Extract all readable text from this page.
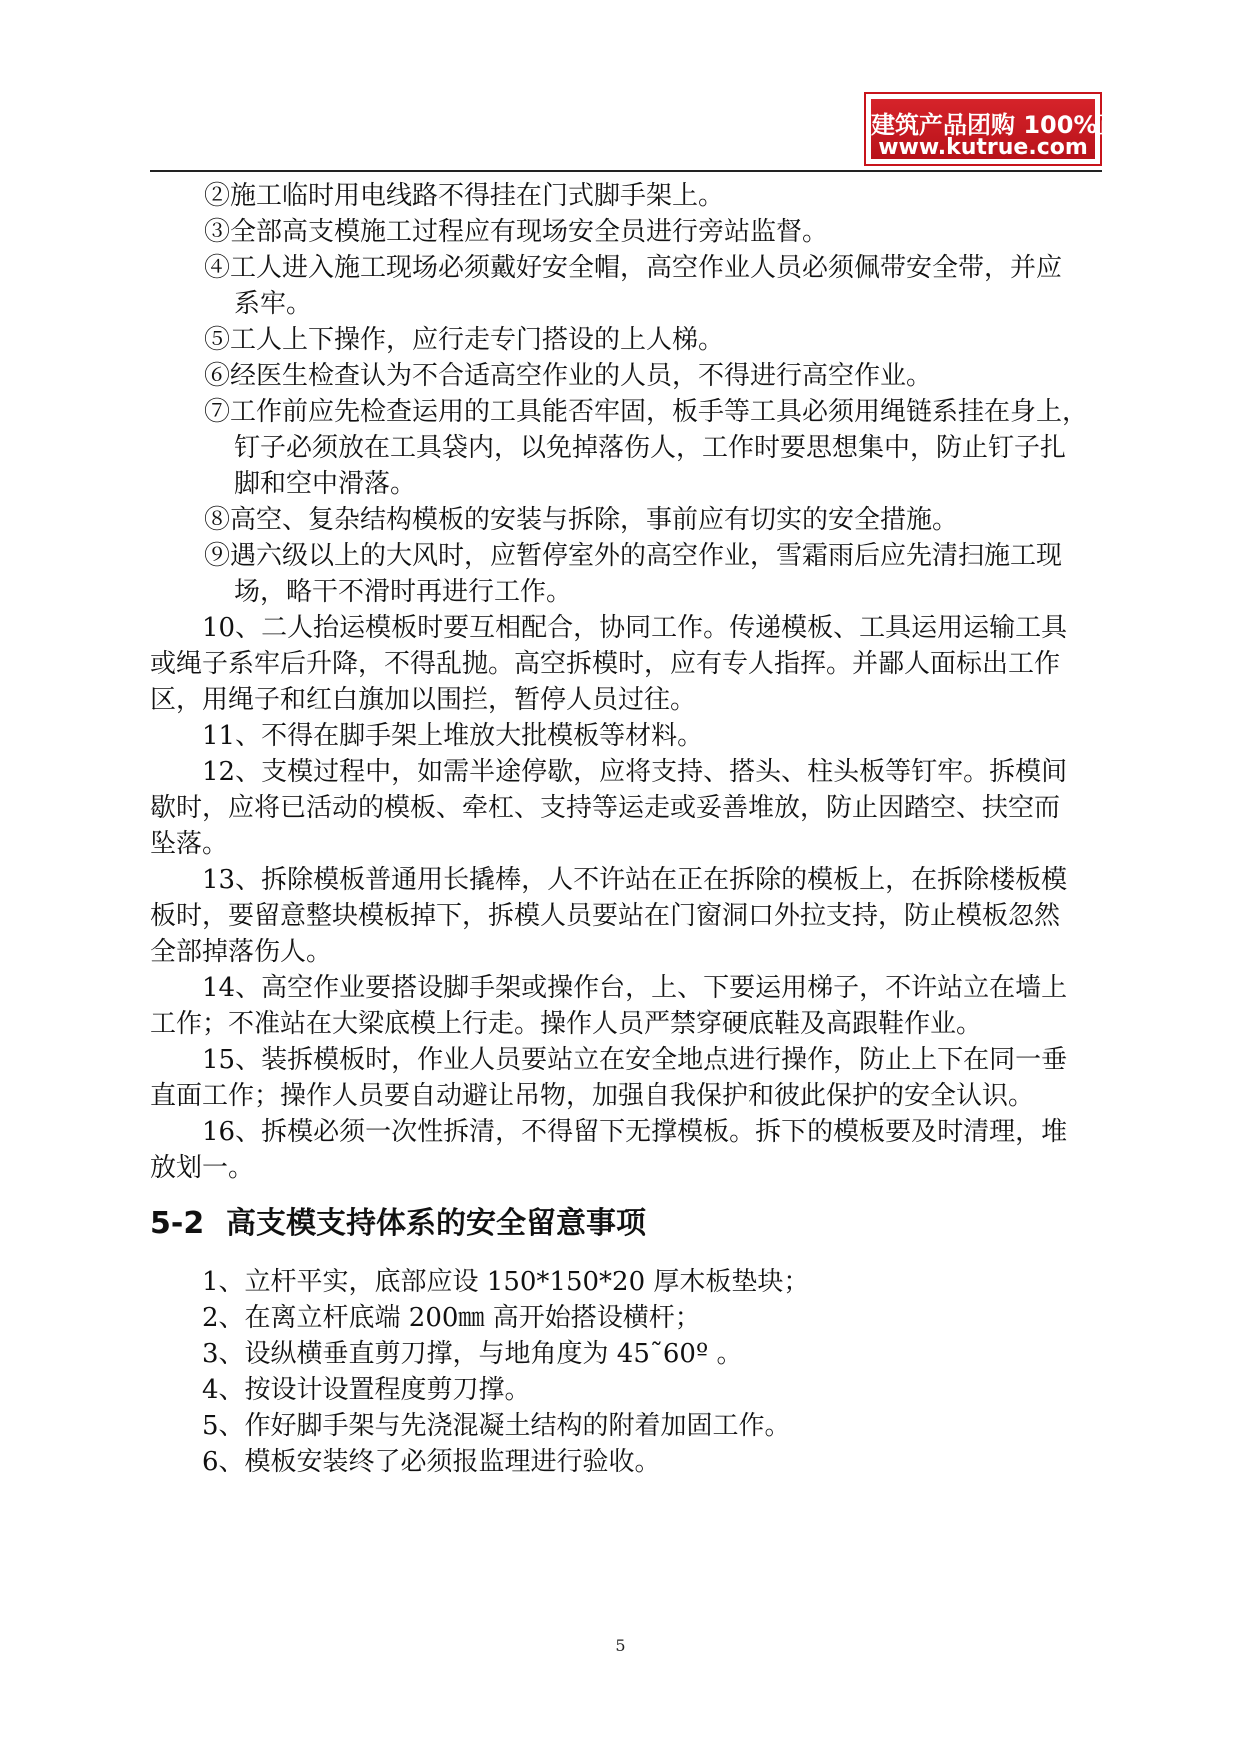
建筑产品团购 100%正品
www.kutrue.com

②施工临时用电线路不得挂在门式脚手架上。

③全部高支模施工过程应有现场安全员进行旁站监督。

④工人进入施工现场必须戴好安全帽，高空作业人员必须佩带安全带，并应

系牢。

⑤工人上下操作，应行走专门搭设的上人梯。

⑥经医生检查认为不合适高空作业的人员，不得进行高空作业。

⑦工作前应先检查运用的工具能否牢固，板手等工具必须用绳链系挂在身上，

钉子必须放在工具袋内，以免掉落伤人，工作时要思想集中，防止钉子扎

脚和空中滑落。

⑧高空、复杂结构模板的安装与拆除，事前应有切实的安全措施。

⑨遇六级以上的大风时，应暂停室外的高空作业，雪霜雨后应先清扫施工现

场，略干不滑时再进行工作。

10、二人抬运模板时要互相配合，协同工作。传递模板、工具运用运输工具

或绳子系牢后升降，不得乱抛。高空拆模时，应有专人指挥。并鄙人面标出工作

区，用绳子和红白旗加以围拦，暂停人员过往。

11、不得在脚手架上堆放大批模板等材料。

12、支模过程中，如需半途停歇，应将支持、搭头、柱头板等钉牢。拆模间

歇时，应将已活动的模板、牵杠、支持等运走或妥善堆放，防止因踏空、扶空而

坠落。

13、拆除模板普通用长撬棒，人不许站在正在拆除的模板上，在拆除楼板模

板时，要留意整块模板掉下，拆模人员要站在门窗洞口外拉支持，防止模板忽然

全部掉落伤人。

14、高空作业要搭设脚手架或操作台，上、下要运用梯子，不许站立在墙上

工作；不准站在大梁底模上行走。操作人员严禁穿硬底鞋及高跟鞋作业。

15、装拆模板时，作业人员要站立在安全地点进行操作，防止上下在同一垂

直面工作；操作人员要自动避让吊物，加强自我保护和彼此保护的安全认识。

16、拆模必须一次性拆清，不得留下无撑模板。拆下的模板要及时清理，堆

放划一。

5-2 高支模支持体系的安全留意事项

1、立杆平实，底部应设 150*150*20 厚木板垫块；

2、在离立杆底端 200㎜ 高开始搭设横杆；

3、设纵横垂直剪刀撑，与地角度为 45˜60º 。

4、按设计设置程度剪刀撑。

5、作好脚手架与先浇混凝土结构的附着加固工作。

6、模板安装终了必须报监理进行验收。

5
